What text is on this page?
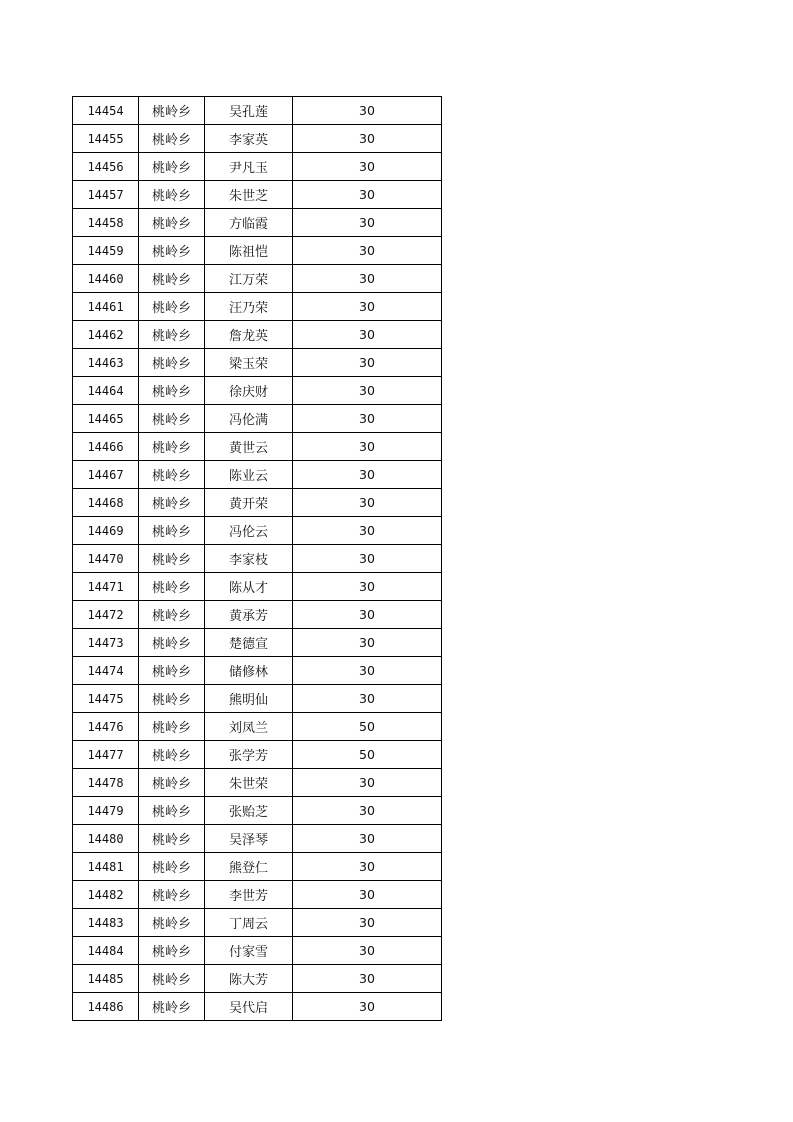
14454	桃岭乡	吴孔莲	30
14455	桃岭乡	李家英	30
14456	桃岭乡	尹凡玉	30
14457	桃岭乡	朱世芝	30
14458	桃岭乡	方临霞	30
14459	桃岭乡	陈祖恺	30
14460	桃岭乡	江万荣	30
14461	桃岭乡	汪乃荣	30
14462	桃岭乡	詹龙英	30
14463	桃岭乡	梁玉荣	30
14464	桃岭乡	徐庆财	30
14465	桃岭乡	冯伦满	30
14466	桃岭乡	黄世云	30
14467	桃岭乡	陈业云	30
14468	桃岭乡	黄开荣	30
14469	桃岭乡	冯伦云	30
14470	桃岭乡	李家枝	30
14471	桃岭乡	陈从才	30
14472	桃岭乡	黄承芳	30
14473	桃岭乡	楚德宣	30
14474	桃岭乡	储修林	30
14475	桃岭乡	熊明仙	30
14476	桃岭乡	刘凤兰	50
14477	桃岭乡	张学芳	50
14478	桃岭乡	朱世荣	30
14479	桃岭乡	张贻芝	30
14480	桃岭乡	吴泽琴	30
14481	桃岭乡	熊登仁	30
14482	桃岭乡	李世芳	30
14483	桃岭乡	丁周云	30
14484	桃岭乡	付家雪	30
14485	桃岭乡	陈大芳	30
14486	桃岭乡	吴代启	30
